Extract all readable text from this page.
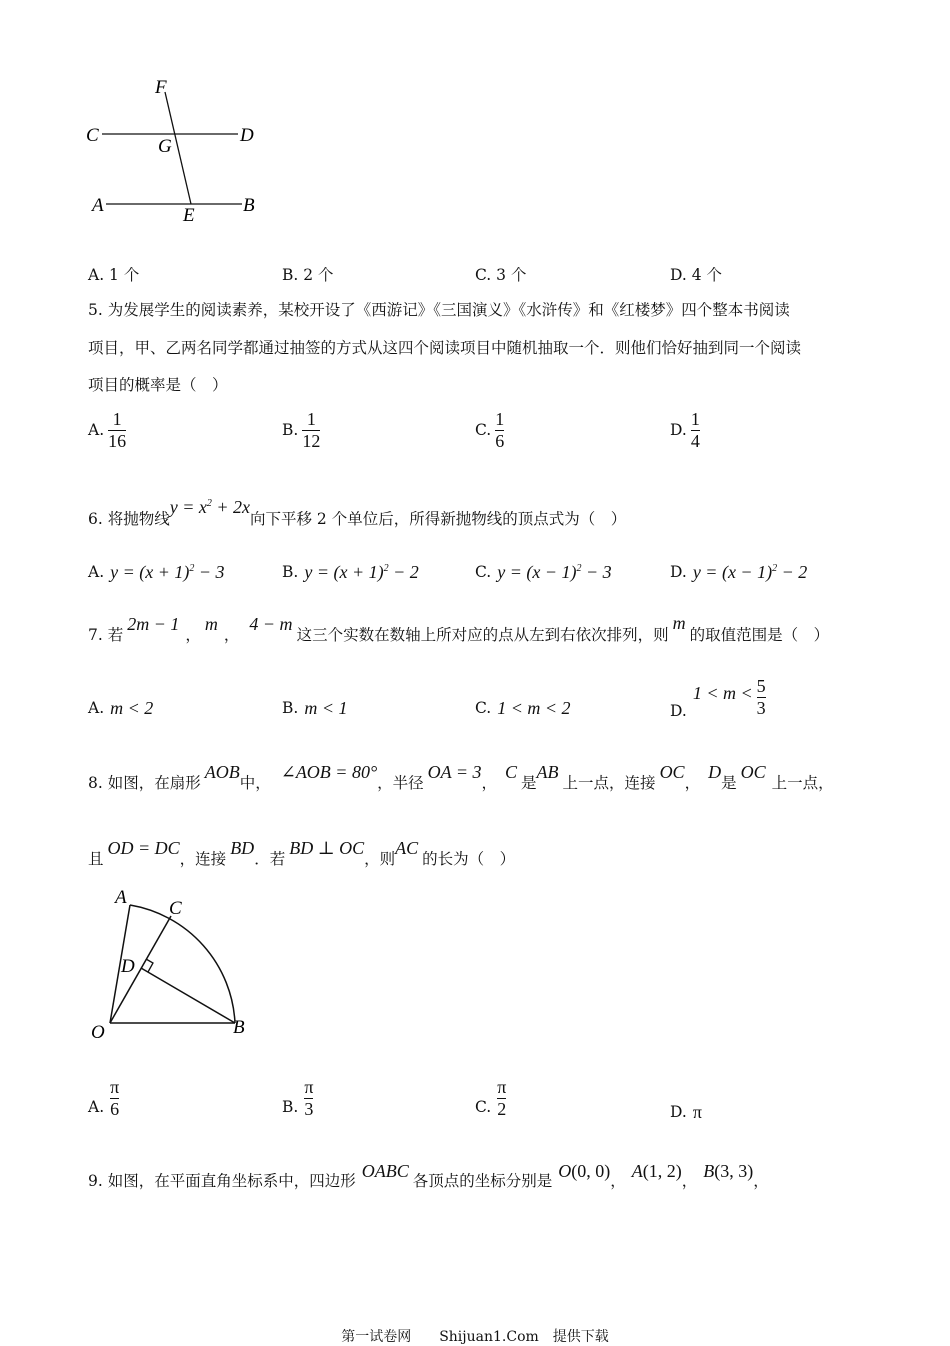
F
C
G
D
A	E	B
A. 1 个	B. 2 个	C. 3 个	D. 4 个
5. 为发展学生的阅读素养，某校开设了《西游记》《三国演义》《水浒传》和《红楼梦》四个整本书阅读
项目，甲、乙两名同学都通过抽签的方式从这四个阅读项目中随机抽取一个．则他们恰好抽到同一个阅读
项目的概率是（　）
A. $\frac{1}{16}$	B. $\frac{1}{12}$	C. $\frac{1}{6}$	D. $\frac{1}{4}$
6. 将抛物线
$y = x^2 + 2x$
向下平移 2 个单位后，所得新抛物线的顶点式为（　）
A. $y = (x + 1)^2 - 3$	B. $y = (x + 1)^2 - 2$	C. $y = (x - 1)^2 - 3$	D. $y = (x - 1)^2 - 2$
7. 若
2m − 1
，
m
，
4 − m
这三个实数在数轴上所对应的点从左到右依次排列，则
m
的取值范围是（　）
A. m < 2	B. m < 1	C. 1 < m < 2	D.
$1 < m < \frac{5}{3}$
8. 如图，在扇形
AOB
中，
∠AOB = 80°
，半径
OA = 3
，
C
是
AB
上一点，连接
OC
，
D
是
OC
上一点，
且
OD = DC
，连接
BD
．若
BD ⊥ OC
，则
AC
的长为（　）
A
C
D
O	B
A. $\frac{\pi}{6}$	B. $\frac{\pi}{3}$	C. $\frac{\pi}{2}$	D. π
9. 如图，在平面直角坐标系中，四边形 OABC 各顶点的坐标分别是 O(0, 0) ， A(1, 2) ， B(3, 3) ，
第一试卷网　　Shijuan1.Com　提供下载
